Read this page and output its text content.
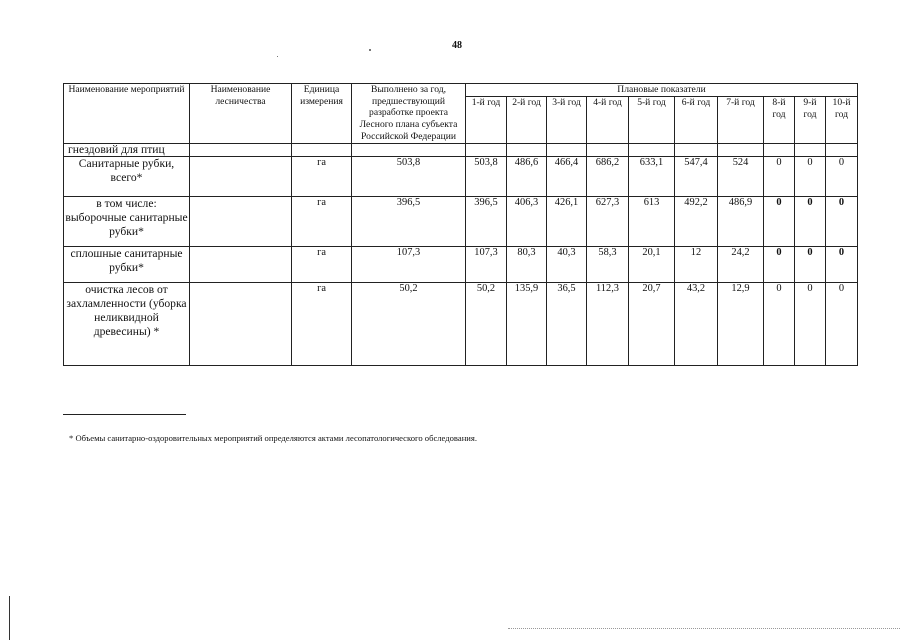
48
Наименование мероприятий	Наименование лесничества	Единица измерения	Выполнено за год, предшествующий разработке проекта Лесного плана субъекта Российской Федерации	Плановые показатели									
				1-й год	2-й год	3-й год	4-й год	5-й год	6-й год	7-й год	8-й год	9-й год	10-й год
гнездовий для птиц													
Санитарные рубки, всего*		га	503,8	503,8	486,6	466,4	686,2	633,1	547,4	524	0	0	0
в том числе: выборочные санитарные рубки*		га	396,5	396,5	406,3	426,1	627,3	613	492,2	486,9	0	0	0
сплошные санитарные рубки*		га	107,3	107,3	80,3	40,3	58,3	20,1	12	24,2	0	0	0
очистка лесов от захламленности (уборка неликвидной древесины) *		га	50,2	50,2	135,9	36,5	112,3	20,7	43,2	12,9	0	0	0
* Объемы санитарно-оздоровительных мероприятий определяются актами лесопатологического обследования.
